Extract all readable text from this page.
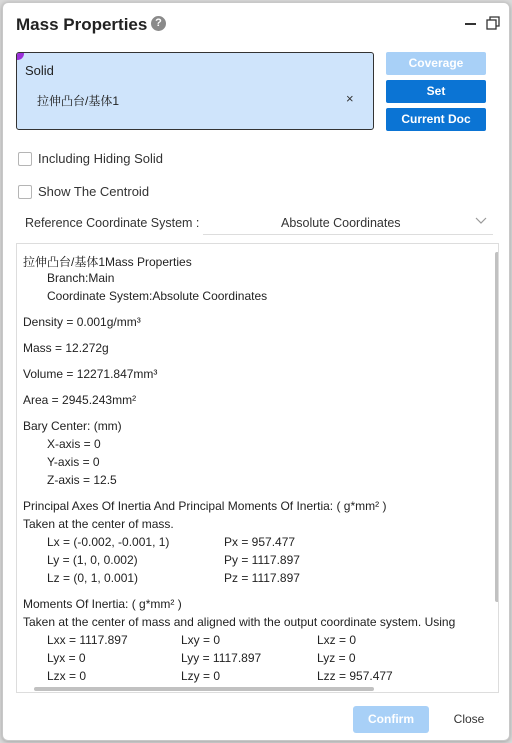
Mass Properties ?
Solid
拉伸凸台/基体1	×
Coverage
Set
Current Doc
Including Hiding Solid
Show The Centroid
Reference Coordinate System :	Absolute Coordinates
拉伸凸台/基体1Mass Properties
Branch:Main
Coordinate System:Absolute Coordinates
Density = 0.001g/mm³
Mass = 12.272g
Volume = 12271.847mm³
Area = 2945.243mm²
Bary Center: (mm)
X-axis = 0
Y-axis = 0
Z-axis = 12.5
Principal Axes Of Inertia And Principal Moments Of Inertia: ( g*mm² )
Taken at the center of mass.
Lx = (-0.002, -0.001, 1)	Px = 957.477
Ly = (1, 0, 0.002)	Py = 1117.897
Lz = (0, 1, 0.001)	Pz = 1117.897
Moments Of Inertia: ( g*mm² )
Taken at the center of mass and aligned with the output coordinate system. Using
Lxx = 1117.897	Lxy = 0	Lxz = 0
Lyx = 0	Lyy = 1117.897	Lyz = 0
Lzx = 0	Lzy = 0	Lzz = 957.477
Confirm	Close
